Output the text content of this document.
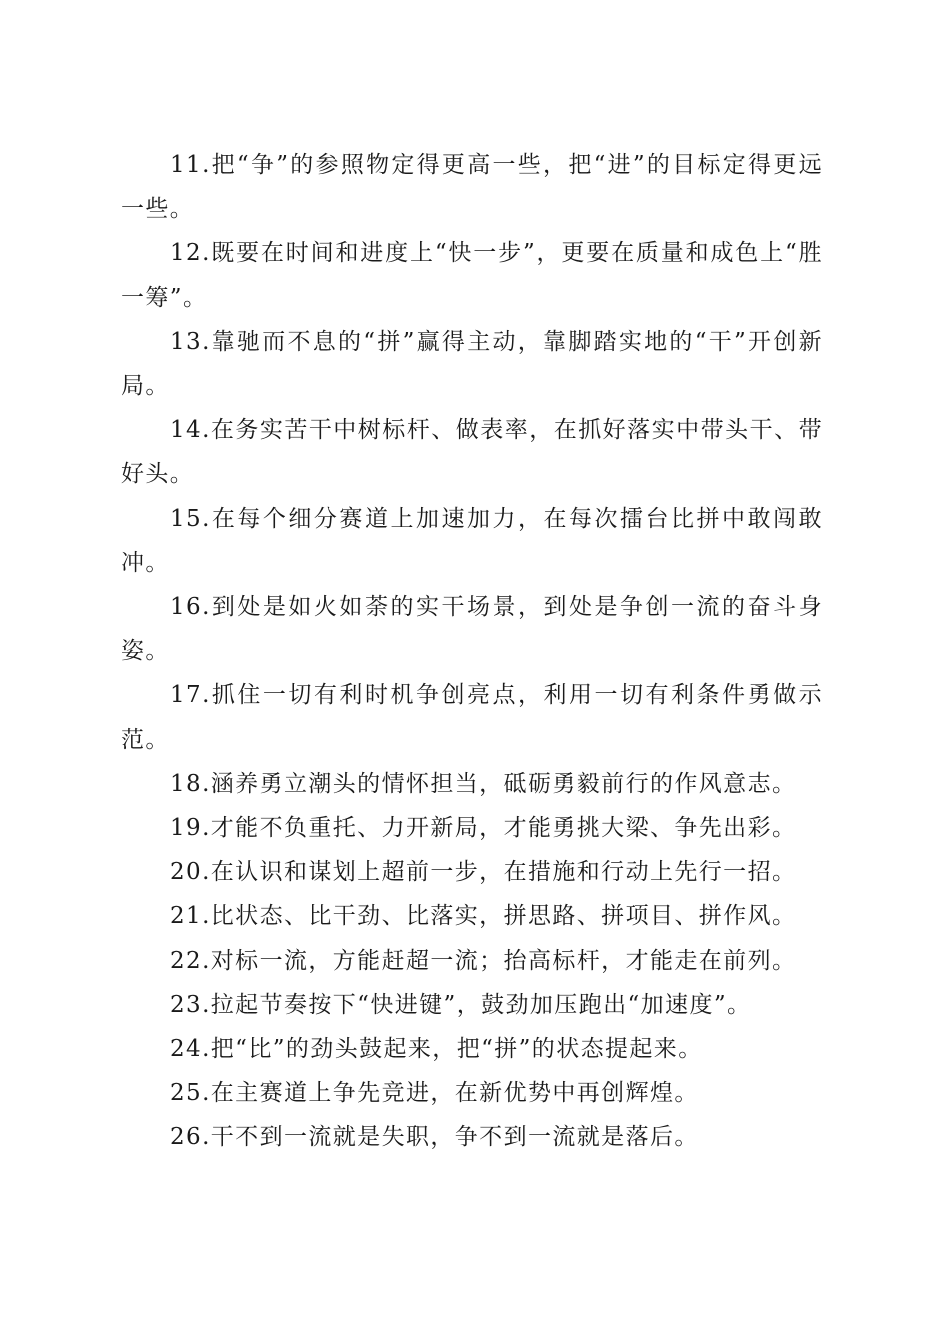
11.把“争”的参照物定得更高一些，把“进”的目标定得更远一些。

12.既要在时间和进度上“快一步”，更要在质量和成色上“胜一筹”。

13.靠驰而不息的“拼”赢得主动，靠脚踏实地的“干”开创新局。

14.在务实苦干中树标杆、做表率，在抓好落实中带头干、带好头。

15.在每个细分赛道上加速加力，在每次擂台比拼中敢闯敢冲。

16.到处是如火如荼的实干场景，到处是争创一流的奋斗身姿。

17.抓住一切有利时机争创亮点，利用一切有利条件勇做示范。

18.涵养勇立潮头的情怀担当，砥砺勇毅前行的作风意志。

19.才能不负重托、力开新局，才能勇挑大梁、争先出彩。

20.在认识和谋划上超前一步，在措施和行动上先行一招。

21.比状态、比干劲、比落实，拼思路、拼项目、拼作风。

22.对标一流，方能赶超一流；抬高标杆，才能走在前列。

23.拉起节奏按下“快进键”，鼓劲加压跑出“加速度”。

24.把“比”的劲头鼓起来，把“拼”的状态提起来。

25.在主赛道上争先竞进，在新优势中再创辉煌。

26.干不到一流就是失职，争不到一流就是落后。
